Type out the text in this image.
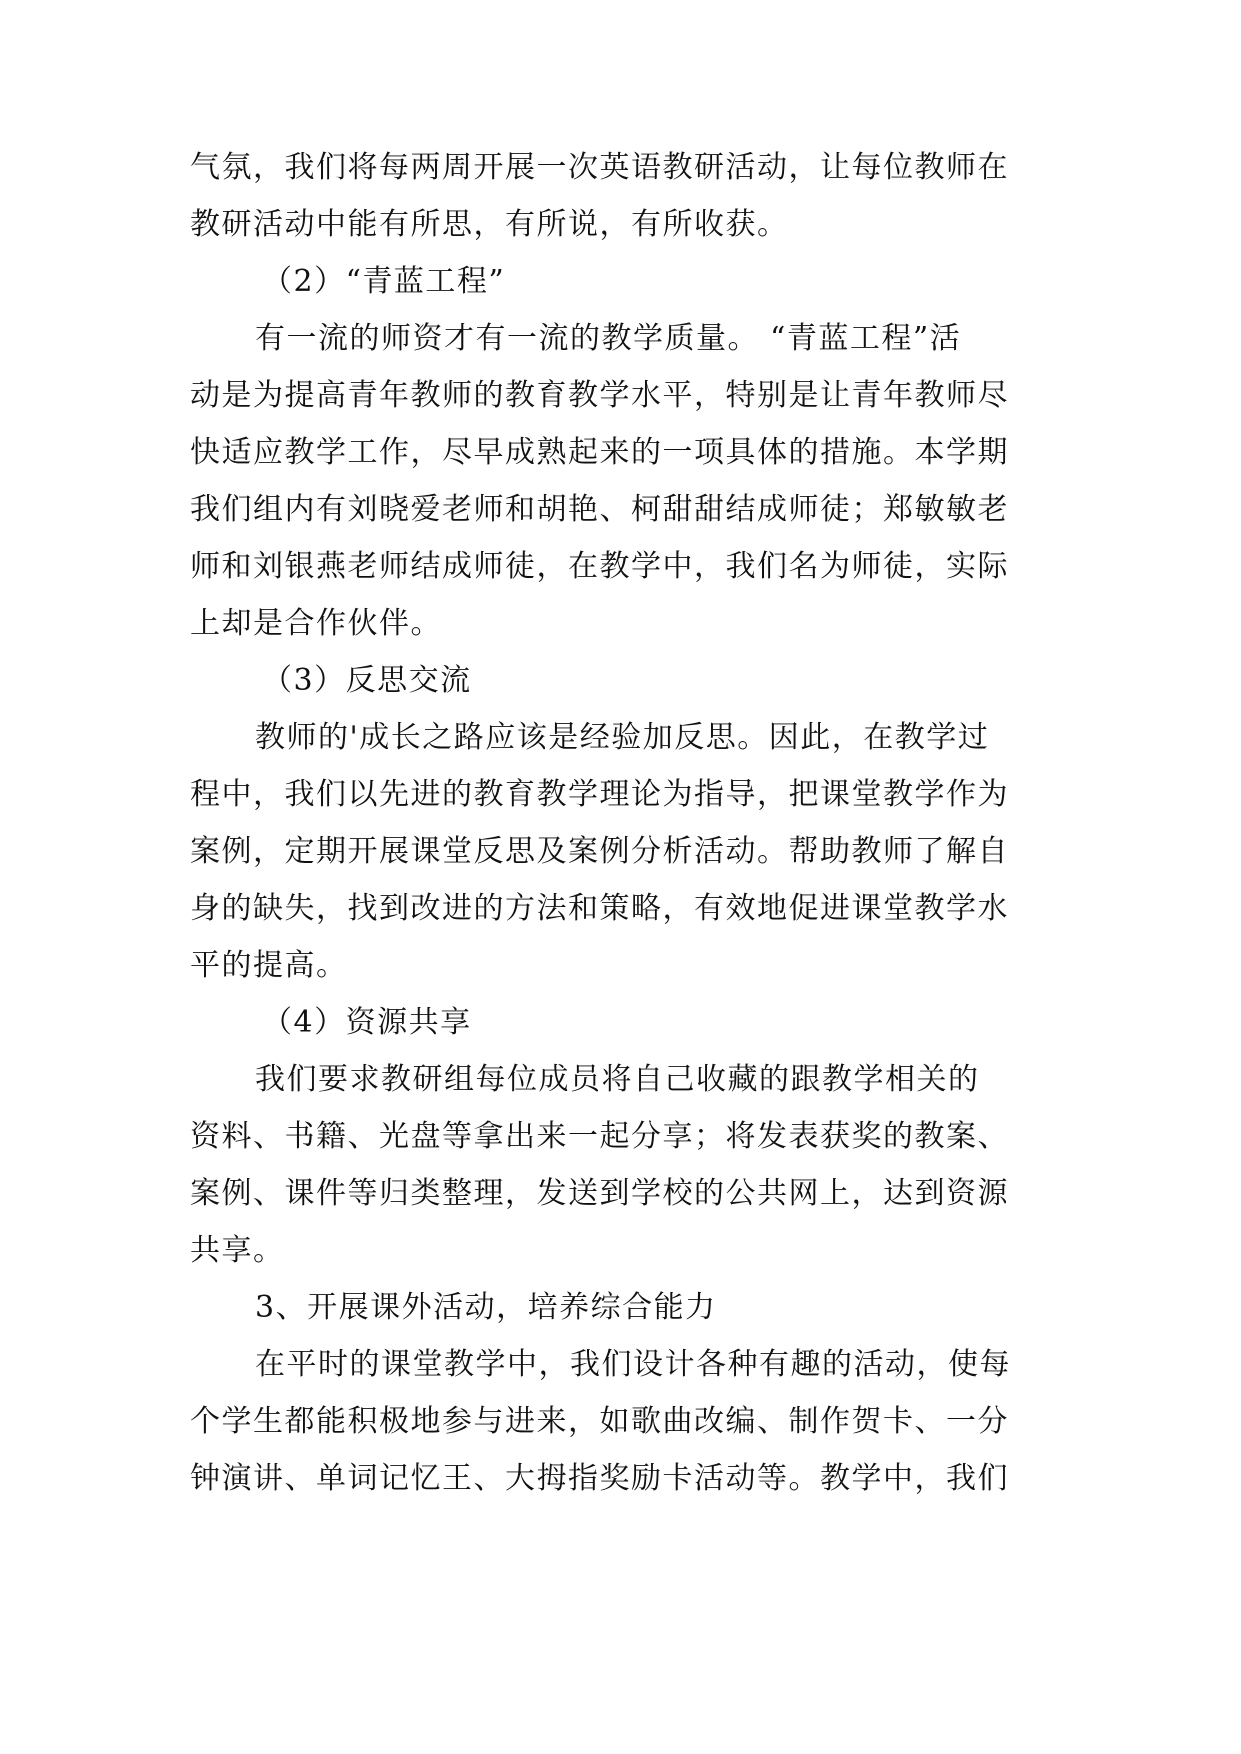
气氛，我们将每两周开展一次英语教研活动，让每位教师在
教研活动中能有所思，有所说，有所收获。
（2）“青蓝工程”
有一流的师资才有一流的教学质量。 “青蓝工程”活
动是为提高青年教师的教育教学水平，特别是让青年教师尽
快适应教学工作，尽早成熟起来的一项具体的措施。本学期
我们组内有刘晓爱老师和胡艳、柯甜甜结成师徒；郑敏敏老
师和刘银燕老师结成师徒，在教学中，我们名为师徒，实际
上却是合作伙伴。
（3）反思交流
教师的'成长之路应该是经验加反思。因此，在教学过
程中，我们以先进的教育教学理论为指导，把课堂教学作为
案例，定期开展课堂反思及案例分析活动。帮助教师了解自
身的缺失，找到改进的方法和策略，有效地促进课堂教学水
平的提高。
（4）资源共享
我们要求教研组每位成员将自己收藏的跟教学相关的
资料、书籍、光盘等拿出来一起分享；将发表获奖的教案、
案例、课件等归类整理，发送到学校的公共网上，达到资源
共享。
3、开展课外活动，培养综合能力
在平时的课堂教学中，我们设计各种有趣的活动，使每
个学生都能积极地参与进来，如歌曲改编、制作贺卡、一分
钟演讲、单词记忆王、大拇指奖励卡活动等。教学中，我们
